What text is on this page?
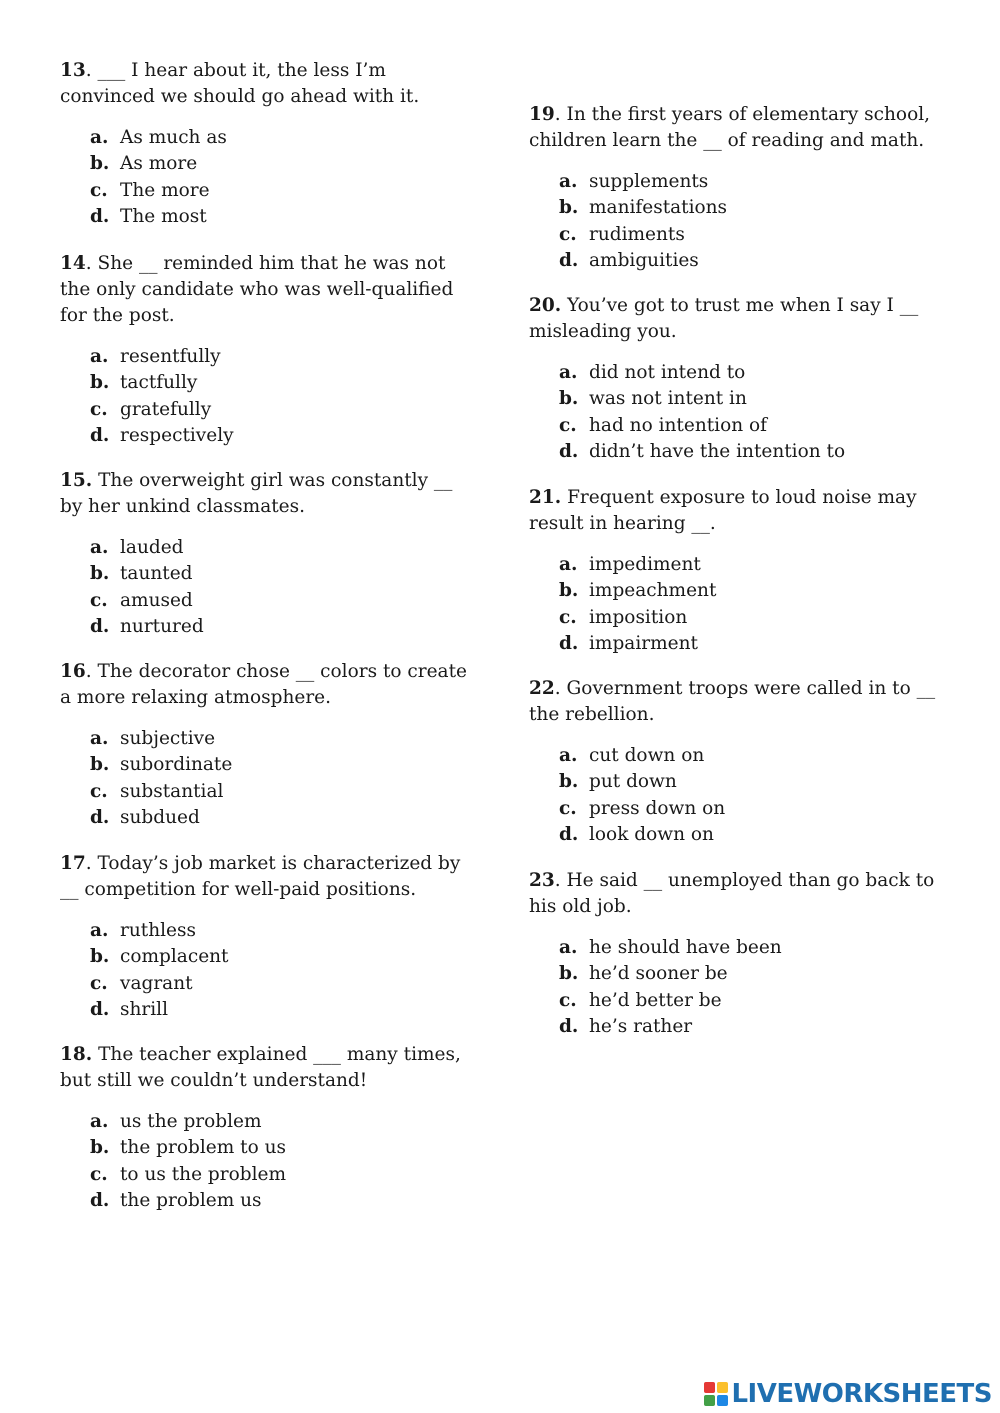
13. ___ I hear about it, the less I’m convinced we should go ahead with it.

a. As much as
b. As more
c. The more
d. The most

14. She __ reminded him that he was not the only candidate who was well-qualified for the post.

a. resentfully
b. tactfully
c. gratefully
d. respectively

15. The overweight girl was constantly __ by her unkind classmates.

a. lauded
b. taunted
c. amused
d. nurtured

16. The decorator chose __ colors to create a more relaxing atmosphere.

a. subjective
b. subordinate
c. substantial
d. subdued

17. Today’s job market is characterized by __ competition for well-paid positions.

a. ruthless
b. complacent
c. vagrant
d. shrill

18. The teacher explained ___ many times, but still we couldn’t understand!

a. us the problem
b. the problem to us
c. to us the problem
d. the problem us

19. In the first years of elementary school, children learn the __ of reading and math.

a. supplements
b. manifestations
c. rudiments
d. ambiguities

20. You’ve got to trust me when I say I __ misleading you.

a. did not intend to
b. was not intent in
c. had no intention of
d. didn’t have the intention to

21. Frequent exposure to loud noise may result in hearing __.

a. impediment
b. impeachment
c. imposition
d. impairment

22. Government troops were called in to __ the rebellion.

a. cut down on
b. put down
c. press down on
d. look down on

23. He said __ unemployed than go back to his old job.

a. he should have been
b. he’d sooner be
c. he’d better be
d. he’s rather
LIVEWORKSHEETS
